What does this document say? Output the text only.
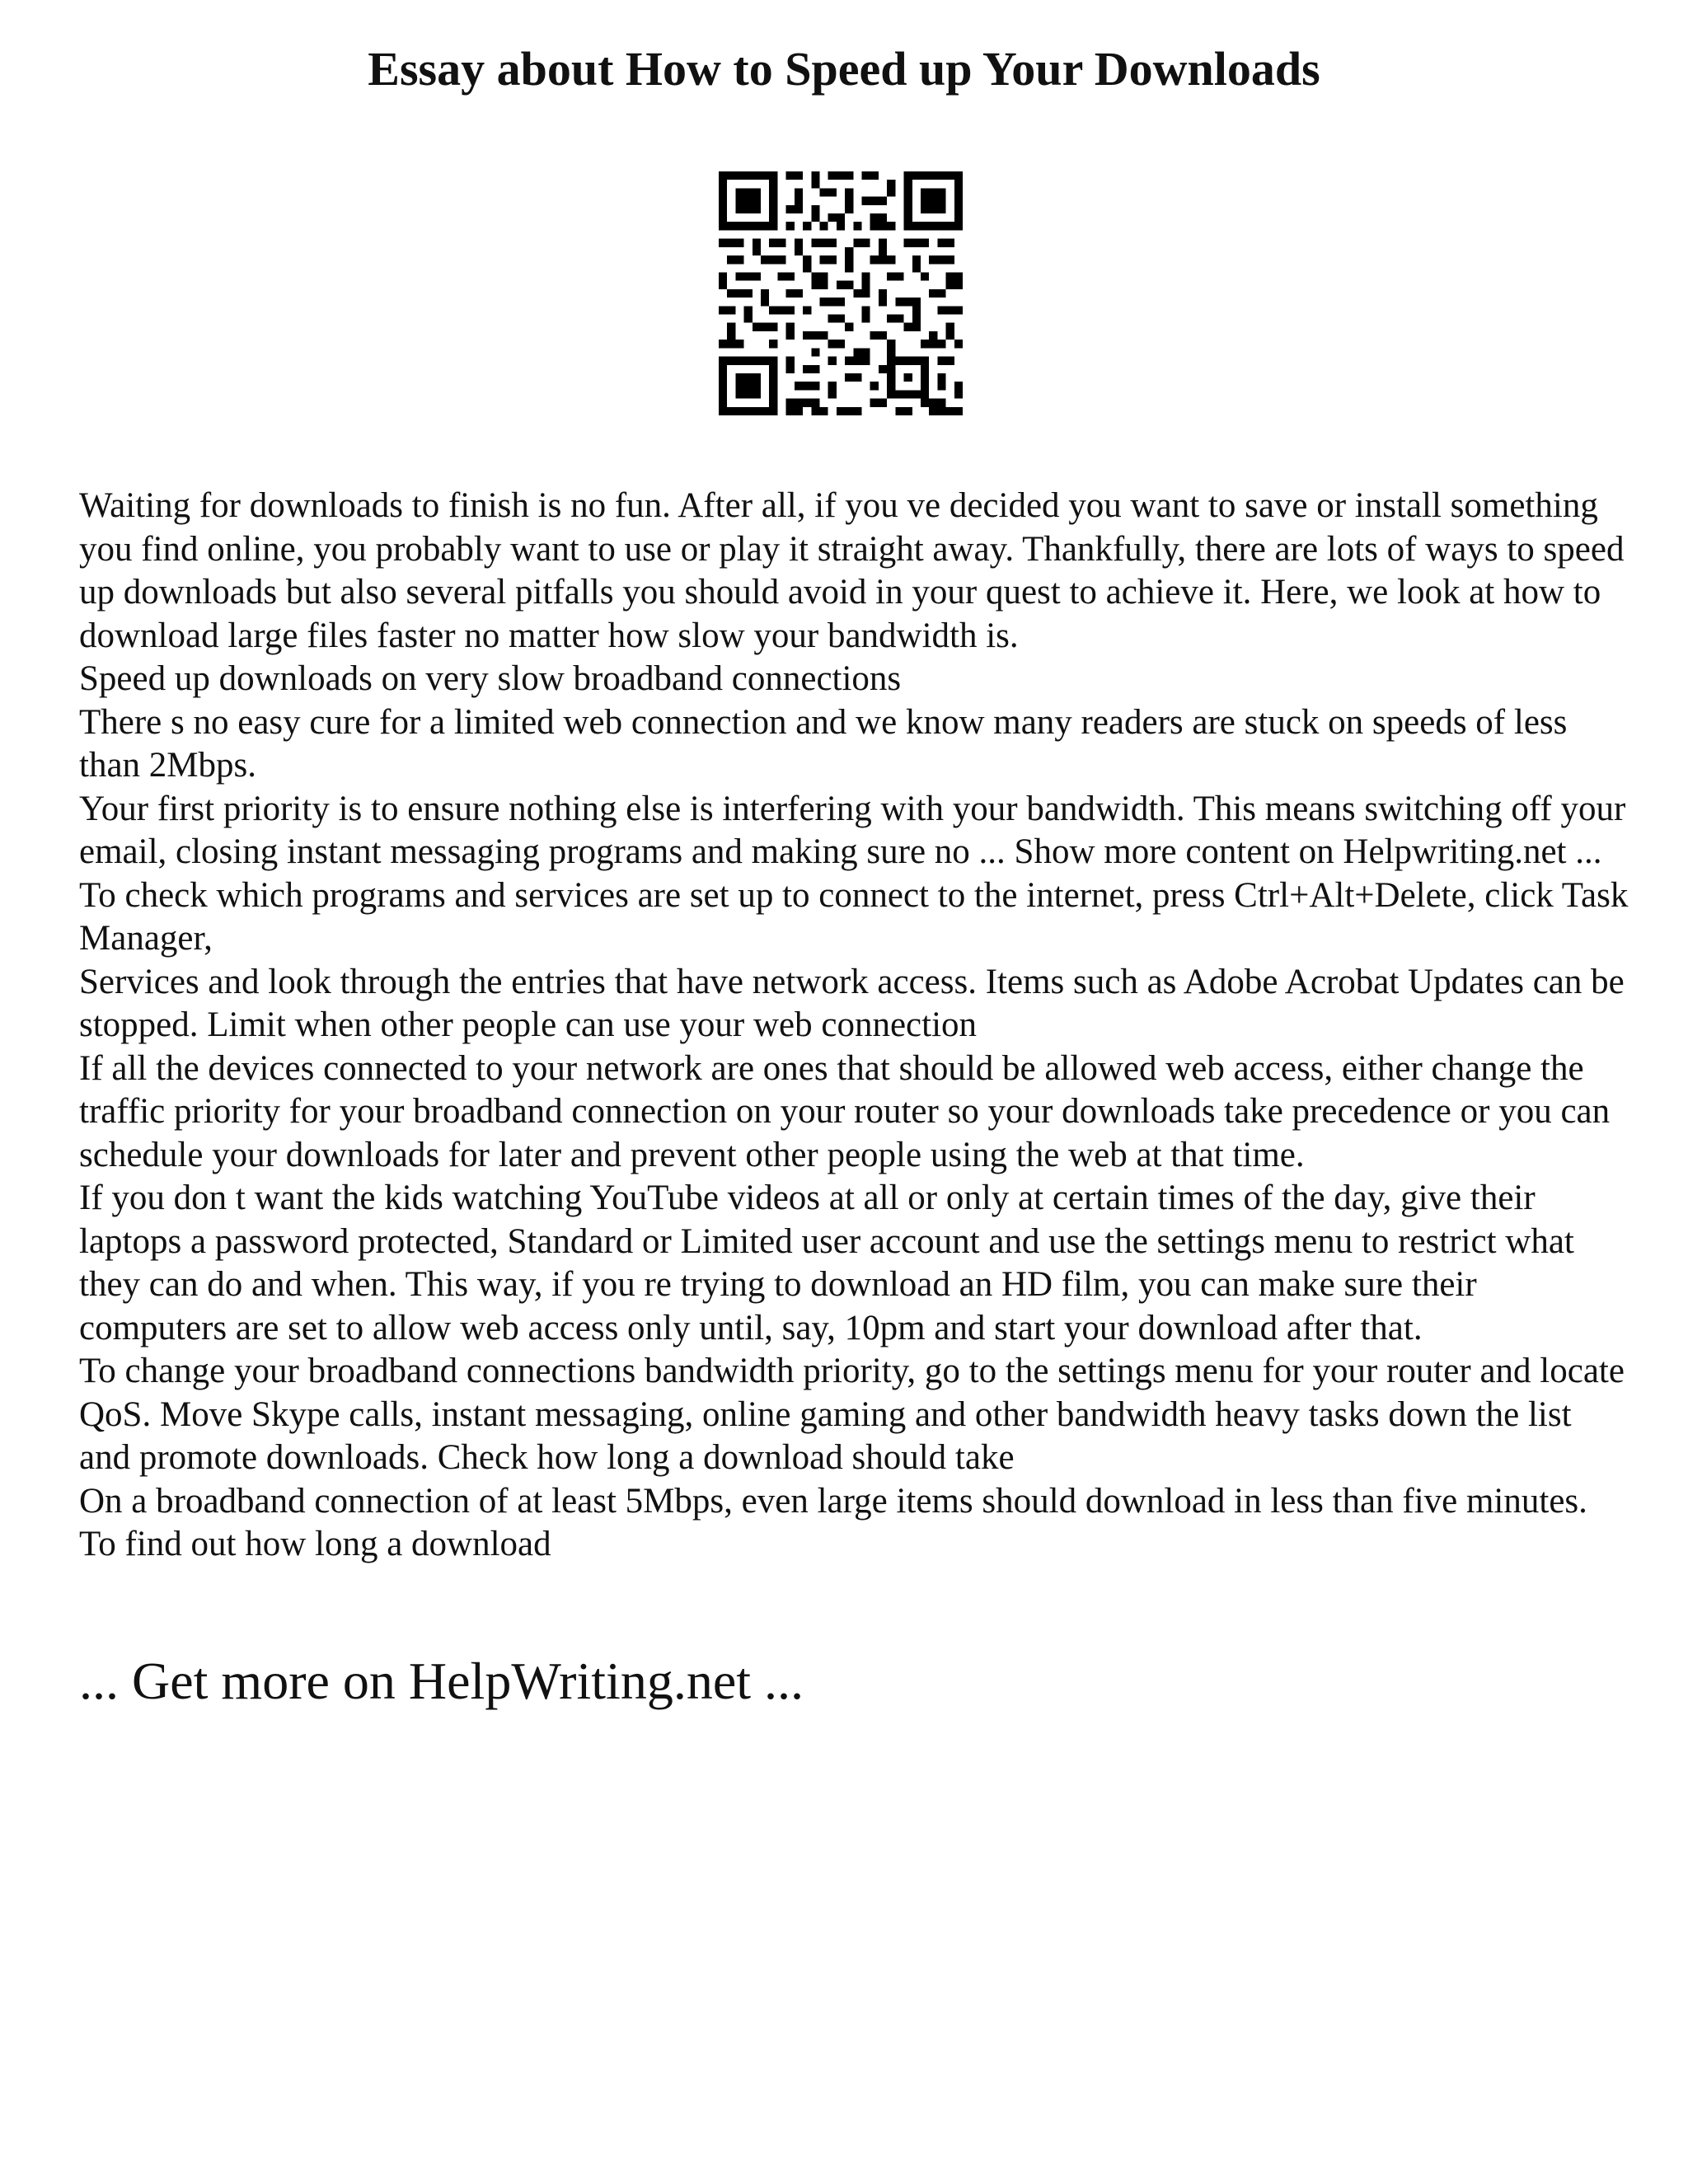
Essay about How to Speed up Your Downloads

Waiting for downloads to finish is no fun. After all, if you ve decided you want to save or install something you find online, you probably want to use or play it straight away. Thankfully, there are lots of ways to speed up downloads but also several pitfalls you should avoid in your quest to achieve it. Here, we look at how to download large files faster no matter how slow your bandwidth is.

Speed up downloads on very slow broadband connections

There s no easy cure for a limited web connection and we know many readers are stuck on speeds of less than 2Mbps.

Your first priority is to ensure nothing else is interfering with your bandwidth. This means switching off your email, closing instant messaging programs and making sure no ... Show more content on Helpwriting.net ...

To check which programs and services are set up to connect to the internet, press Ctrl+Alt+Delete, click Task Manager,

Services and look through the entries that have network access. Items such as Adobe Acrobat Updates can be stopped. Limit when other people can use your web connection

If all the devices connected to your network are ones that should be allowed web access, either change the traffic priority for your broadband connection on your router so your downloads take precedence or you can schedule your downloads for later and prevent other people using the web at that time.

If you don t want the kids watching YouTube videos at all or only at certain times of the day, give their laptops a password protected, Standard or Limited user account and use the settings menu to restrict what they can do and when. This way, if you re trying to download an HD film, you can make sure their computers are set to allow web access only until, say, 10pm and start your download after that.

To change your broadband connections bandwidth priority, go to the settings menu for your router and locate QoS. Move Skype calls, instant messaging, online gaming and other bandwidth heavy tasks down the list and promote downloads. Check how long a download should take

On a broadband connection of at least 5Mbps, even large items should download in less than five minutes. To find out how long a download

... Get more on HelpWriting.net ...
